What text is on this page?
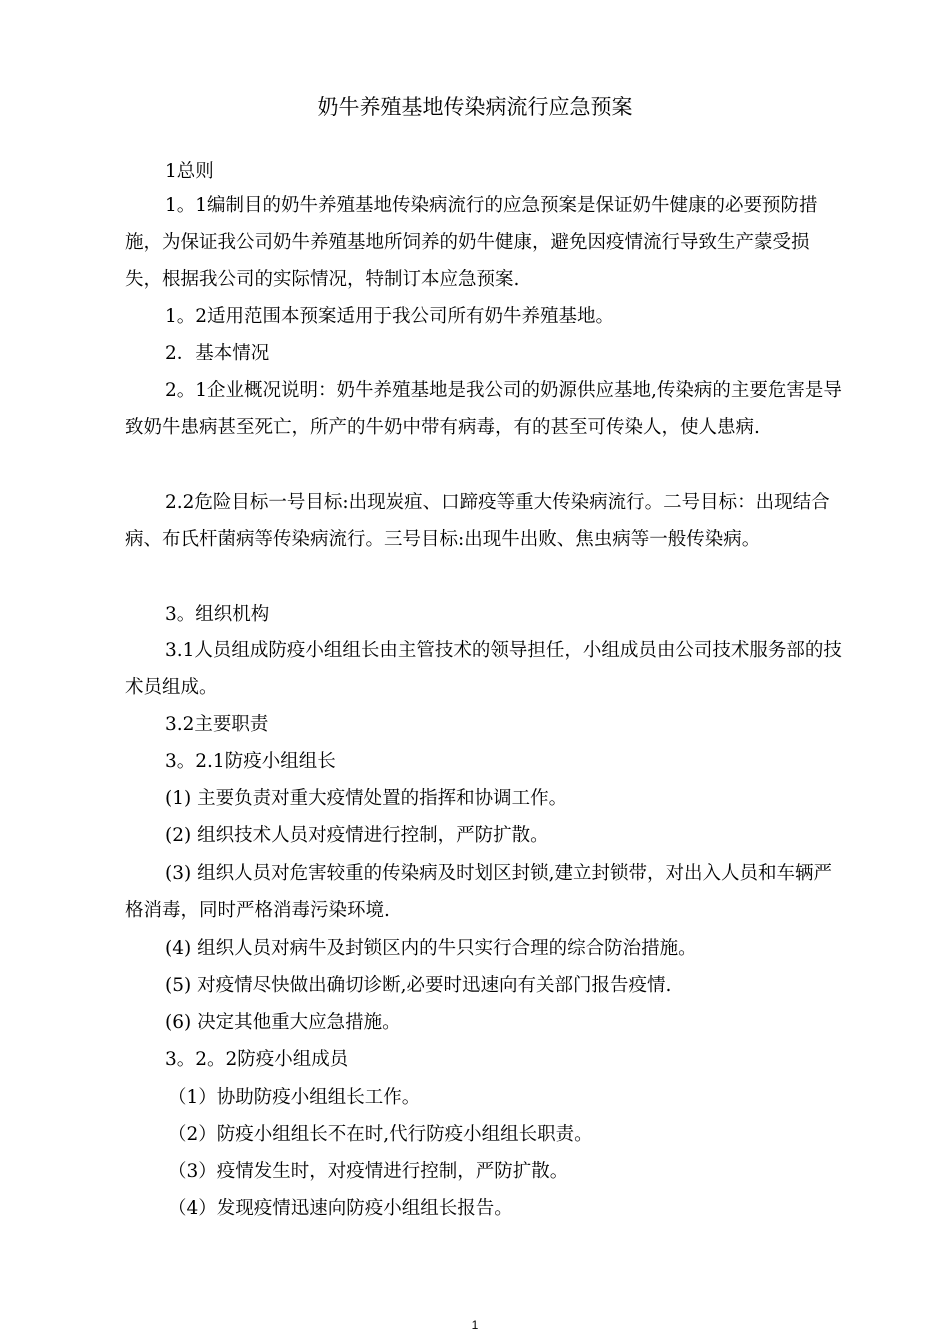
奶牛养殖基地传染病流行应急预案
1总则

1。1编制目的奶牛养殖基地传染病流行的应急预案是保证奶牛健康的必要预防措施，为保证我公司奶牛养殖基地所饲养的奶牛健康，避免因疫情流行导致生产蒙受损失，根据我公司的实际情况，特制订本应急预案.

1。2适用范围本预案适用于我公司所有奶牛养殖基地。
2．基本情况

2。1企业概况说明：奶牛养殖基地是我公司的奶源供应基地,传染病的主要危害是导致奶牛患病甚至死亡，所产的牛奶中带有病毒，有的甚至可传染人，使人患病.

2.2危险目标一号目标:出现炭疽、口蹄疫等重大传染病流行。二号目标：出现结合病、布氏杆菌病等传染病流行。三号目标:出现牛出败、焦虫病等一般传染病。

3。组织机构

3.1人员组成防疫小组组长由主管技术的领导担任，小组成员由公司技术服务部的技术员组成。

3.2主要职责
3。2.1防疫小组组长
(1) 主要负责对重大疫情处置的指挥和协调工作。
(2) 组织技术人员对疫情进行控制，严防扩散。

(3) 组织人员对危害较重的传染病及时划区封锁,建立封锁带，对出入人员和车辆严格消毒，同时严格消毒污染环境.

(4) 组织人员对病牛及封锁区内的牛只实行合理的综合防治措施。
(5) 对疫情尽快做出确切诊断,必要时迅速向有关部门报告疫情.
(6) 决定其他重大应急措施。
3。2。2防疫小组成员
（1）协助防疫小组组长工作。
（2）防疫小组组长不在时,代行防疫小组组长职责。
（3）疫情发生时，对疫情进行控制，严防扩散。
（4）发现疫情迅速向防疫小组组长报告。
1
